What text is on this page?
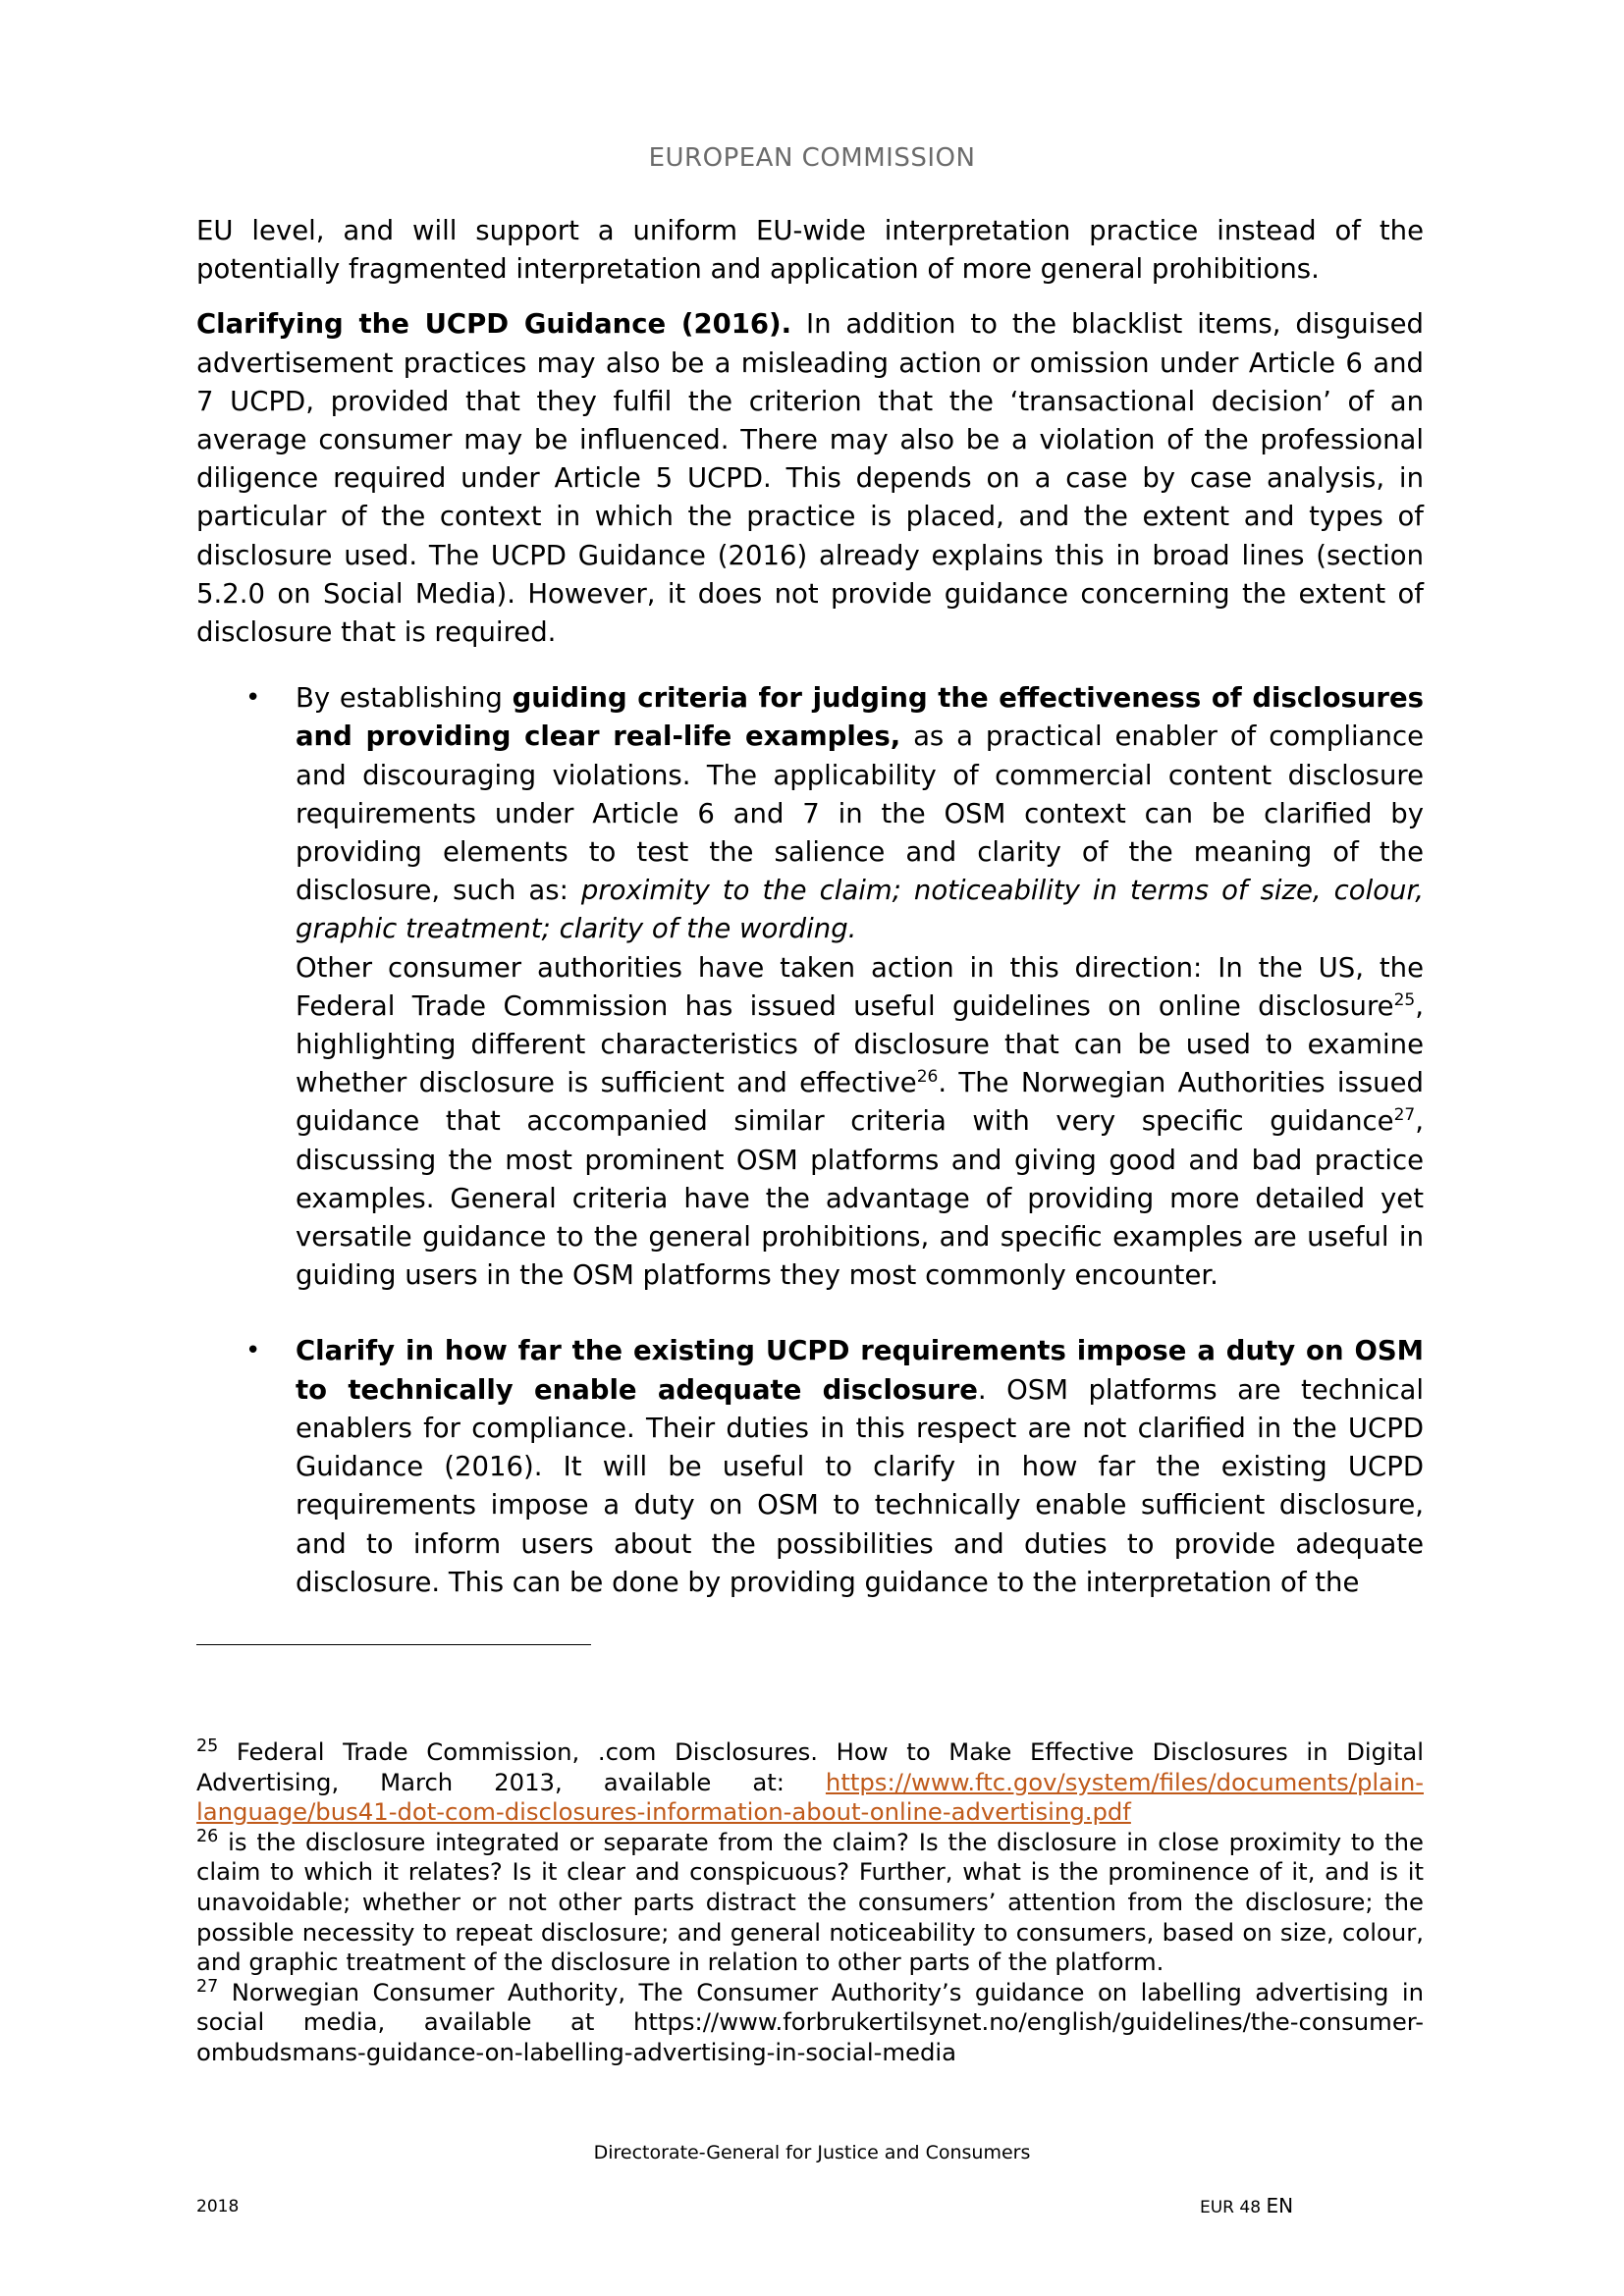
EUROPEAN COMMISSION

EU level, and will support a uniform EU-wide interpretation practice instead of the potentially fragmented interpretation and application of more general prohibitions.

Clarifying the UCPD Guidance (2016). In addition to the blacklist items, disguised advertisement practices may also be a misleading action or omission under Article 6 and 7 UCPD, provided that they fulfil the criterion that the ‘transactional decision’ of an average consumer may be influenced. There may also be a violation of the professional diligence required under Article 5 UCPD. This depends on a case by case analysis, in particular of the context in which the practice is placed, and the extent and types of disclosure used. The UCPD Guidance (2016) already explains this in broad lines (section 5.2.0 on Social Media). However, it does not provide guidance concerning the extent of disclosure that is required.

• By establishing guiding criteria for judging the effectiveness of disclosures and providing clear real-life examples, as a practical enabler of compliance and discouraging violations. The applicability of commercial content disclosure requirements under Article 6 and 7 in the OSM context can be clarified by providing elements to test the salience and clarity of the meaning of the disclosure, such as: proximity to the claim; noticeability in terms of size, colour, graphic treatment; clarity of the wording.
Other consumer authorities have taken action in this direction: In the US, the Federal Trade Commission has issued useful guidelines on online disclosure$^{25}$, highlighting different characteristics of disclosure that can be used to examine whether disclosure is sufficient and effective$^{26}$. The Norwegian Authorities issued guidance that accompanied similar criteria with very specific guidance$^{27}$, discussing the most prominent OSM platforms and giving good and bad practice examples. General criteria have the advantage of providing more detailed yet versatile guidance to the general prohibitions, and specific examples are useful in guiding users in the OSM platforms they most commonly encounter.
• Clarify in how far the existing UCPD requirements impose a duty on OSM to technically enable adequate disclosure. OSM platforms are technical enablers for compliance. Their duties in this respect are not clarified in the UCPD Guidance (2016). It will be useful to clarify in how far the existing UCPD requirements impose a duty on OSM to technically enable sufficient disclosure, and to inform users about the possibilities and duties to provide adequate disclosure. This can be done by providing guidance to the interpretation of the

$^{25}$ Federal Trade Commission, .com Disclosures. How to Make Effective Disclosures in Digital Advertising, March 2013, available at: https://www.ftc.gov/system/files/documents/plain-language/bus41-dot-com-disclosures-information-about-online-advertising.pdf

$^{26}$ is the disclosure integrated or separate from the claim? Is the disclosure in close proximity to the claim to which it relates? Is it clear and conspicuous? Further, what is the prominence of it, and is it unavoidable; whether or not other parts distract the consumers’ attention from the disclosure; the possible necessity to repeat disclosure; and general noticeability to consumers, based on size, colour, and graphic treatment of the disclosure in relation to other parts of the platform.

$^{27}$ Norwegian Consumer Authority, The Consumer Authority’s guidance on labelling advertising in social media, available at https://www.forbrukertilsynet.no/english/guidelines/the-consumer-ombudsmans-guidance-on-labelling-advertising-in-social-media

Directorate-General for Justice and Consumers
2018	EUR 48 EN
